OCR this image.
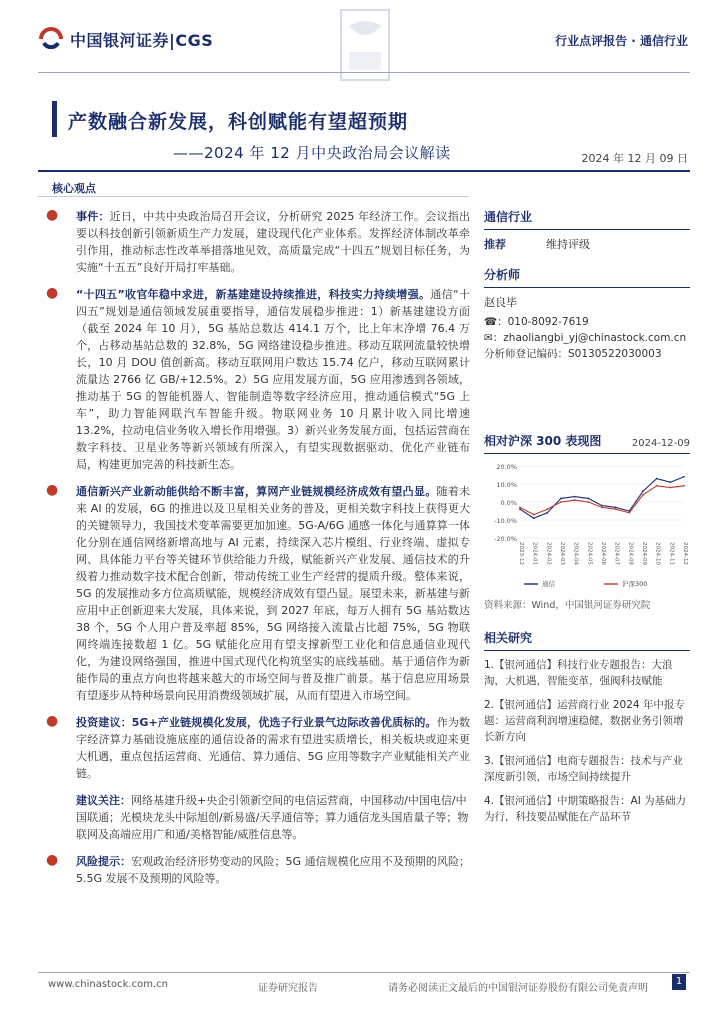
中国银河证券|CGS	行业点评报告 · 通信行业
产数融合新发展，科创赋能有望超预期
——2024 年 12 月中央政治局会议解读	2024 年 12 月 09 日
核心观点
● 事件：近日，中共中央政治局召开会议，分析研究 2025 年经济工作。会议指出要以科技创新引领新质生产力发展，建设现代化产业体系。发挥经济体制改革牵引作用，推动标志性改革举措落地见效，高质量完成“十四五”规划目标任务，为实施“十五五”良好开局打牢基础。
● “十四五”收官年稳中求进，新基建建设持续推进，科技实力持续增强。通信“十四五”规划是通信领域发展重要指导，通信发展稳步推进：1）新基建建设方面（截至 2024 年 10 月），5G 基站总数达 414.1 万个，比上年末净增 76.4 万个，占移动基站总数的 32.8%，5G 网络建设稳步推进。移动互联网流量较快增长，10 月 DOU 值创新高。移动互联网用户数达 15.74 亿户，移动互联网累计流量达 2766 亿 GB/+12.5%。2）5G 应用发展方面，5G 应用渗透到各领域，推动基于 5G 的智能机器人、智能制造等数字经济应用，推动通信模式“5G 上车”，助力智能网联汽车智能升级。物联网业务 10 月累计收入同比增速 13.2%，拉动电信业务收入增长作用增强。3）新兴业务发展方面，包括运营商在数字科技、卫星业务等新兴领域有所深入，有望实现数据驱动、优化产业链布局，构建更加完善的科技新生态。
● 通信新兴产业新动能供给不断丰富，算网产业链规模经济成效有望凸显。随着未来 AI 的发展，6G 的推进以及卫星相关业务的普及，更相关数字科技上获得更大的关键领导力，我国技术变革需要更加加速。5G-A/6G 通感一体化与通算算一体化分别在通信网络新增高地与 AI 元素，持续深入芯片模组、行业终端、虚拟专网、具体能力平台等关键环节供给能力升级，赋能新兴产业发展、通信技术的升级着力推动数字技术配合创新，带动传统工业生产经营的提质升级。整体来说，5G 的发展推动多方位高质赋能，规模经济成效有望凸显。展望未来，新基建与新应用中正创新迎来大发展，具体来说，到 2027 年底，每万人拥有 5G 基站数达 38 个，5G 个人用户普及率超 85%，5G 网络接入流量占比超 75%，5G 物联网终端连接数超 1 亿。5G 赋能化应用有望支撑新型工业化和信息通信业现代化，为建设网络强国，推进中国式现代化构筑坚实的底线基础。基于通信作为新能作局的重点方向也将越来越大的市场空间与普及推广前景。基于信息应用场景有望逐步从特种场景向民用消费级领域扩展，从而有望进入市场空间。
● 投资建议：5G+产业链规模化发展，优选子行业景气边际改善优质标的。作为数字经济算力基础设施底座的通信设备的需求有望进实质增长，相关板块或迎来更大机遇，重点包括运营商、光通信、算力通信、5G 应用等数字产业赋能相关产业链。
建议关注：网络基建升级+央企引领新空间的电信运营商，中国移动/中国电信/中国联通；光模块龙头中际旭创/新易盛/天孚通信等；算力通信龙头国盾量子等；物联网及高端应用广和通/美格智能/威胜信息等。
● 风险提示：宏观政治经济形势变动的风险；5G 通信规模化应用不及预期的风险；5.5G 发展不及预期的风险等。
通信行业
推荐	维持评级
分析师
赵良毕
☎：010-8092-7619
✉：zhaoliangbi_yj@chinastock.com.cn
分析师登记编码：S0130522030003
相对沪深 300 表现图	2024-12-09
20.0%
10.0%
0.0%
-10.0%
-20.0%
2023-12 2024-01 2024-02 2024-03 2024-04 2024-05 2024-06 2024-07 2024-08 2024-09 2024-10 2024-11 2024-12
通信	沪深300
资料来源：Wind，中国银河证券研究院
相关研究
1.【银河通信】科技行业专题报告：大浪淘，大机遇，智能变革，强阀科技赋能
2.【银河通信】运营商行业 2024 年中报专题：运营商利润增速稳健，数据业务引领增长新方向
3.【银河通信】电商专题报告：技术与产业深度新引领，市场空间持续提升
4.【银河通信】中期策略报告：AI 为基础力为行，科技要品赋能在产品环节
www.chinastock.com.cn	证券研究报告	请务必阅读正文最后的中国银河证券股份有限公司免责声明
1
